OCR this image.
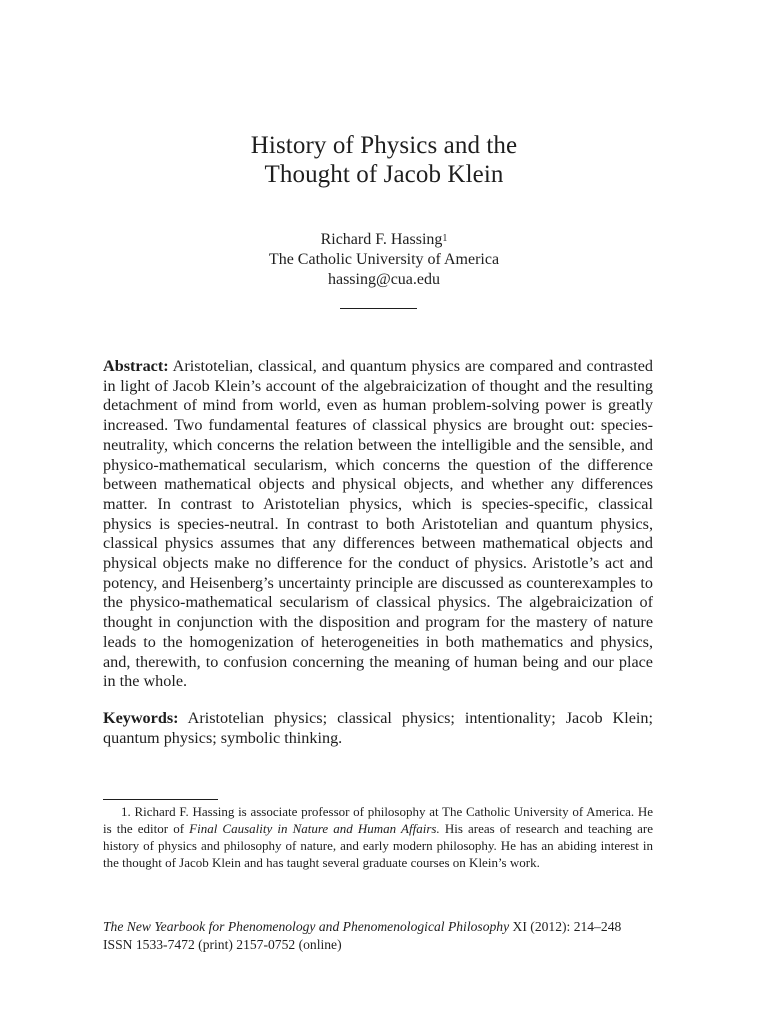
History of Physics and the
Thought of Jacob Klein
Richard F. Hassing$^1$
The Catholic University of America
hassing@cua.edu

Abstract: Aristotelian, classical, and quantum physics are compared and contrasted in light of Jacob Klein’s account of the algebraicization of thought and the resulting detachment of mind from world, even as human problem-solving power is greatly increased. Two fundamental features of classical physics are brought out: species-neutrality, which concerns the relation between the intelligible and the sensible, and physico-mathematical secularism, which concerns the question of the difference between mathematical objects and physical objects, and whether any differences matter. In contrast to Aristotelian physics, which is species-specific, classical physics is species-neutral. In contrast to both Aristotelian and quantum physics, classical physics assumes that any differences between mathematical objects and physical objects make no difference for the conduct of physics. Aristotle’s act and potency, and Heisenberg’s uncertainty principle are discussed as counterexamples to the physico-mathematical secularism of classical physics. The algebraicization of thought in conjunction with the disposition and program for the mastery of nature leads to the homogenization of heterogeneities in both mathematics and physics, and, therewith, to confusion concerning the meaning of human being and our place in the whole.

Keywords: Aristotelian physics; classical physics; intentionality; Jacob Klein; quantum physics; symbolic thinking.

1. Richard F. Hassing is associate professor of philosophy at The Catholic University of America. He is the editor of Final Causality in Nature and Human Affairs. His areas of research and teaching are history of physics and philosophy of nature, and early modern philosophy. He has an abiding interest in the thought of Jacob Klein and has taught several graduate courses on Klein’s work.

The New Yearbook for Phenomenology and Phenomenological Philosophy XI (2012): 214–248
ISSN 1533-7472 (print) 2157-0752 (online)
